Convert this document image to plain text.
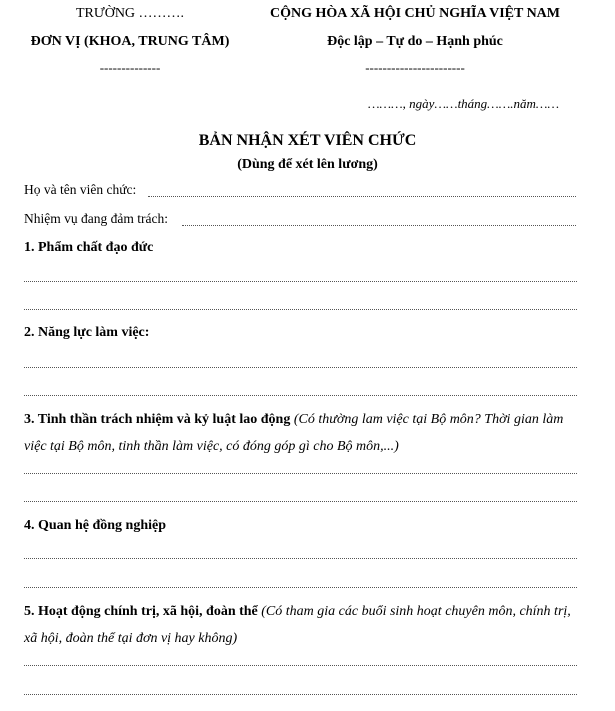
TRƯỜNG ……….
ĐƠN VỊ (KHOA, TRUNG TÂM)
--------------
CỘNG HÒA XÃ HỘI CHỦ NGHĨA VIỆT NAM
Độc lập – Tự do – Hạnh phúc
-----------------------
………, ngày……tháng…….năm……
BẢN NHẬN XÉT VIÊN CHỨC
(Dùng để xét lên lương)
Họ và tên viên chức:
Nhiệm vụ đang đảm trách:
1. Phẩm chất đạo đức
2. Năng lực làm việc:
3. Tinh thần trách nhiệm và kỷ luật lao động (Có thường lam việc tại Bộ môn? Thời gian làm việc tại Bộ môn, tinh thần làm việc, có đóng góp gì cho Bộ môn,...)
4. Quan hệ đồng nghiệp
5. Hoạt động chính trị, xã hội, đoàn thể (Có tham gia các buổi sinh hoạt chuyên môn, chính trị, xã hội, đoàn thể tại đơn vị hay không)
